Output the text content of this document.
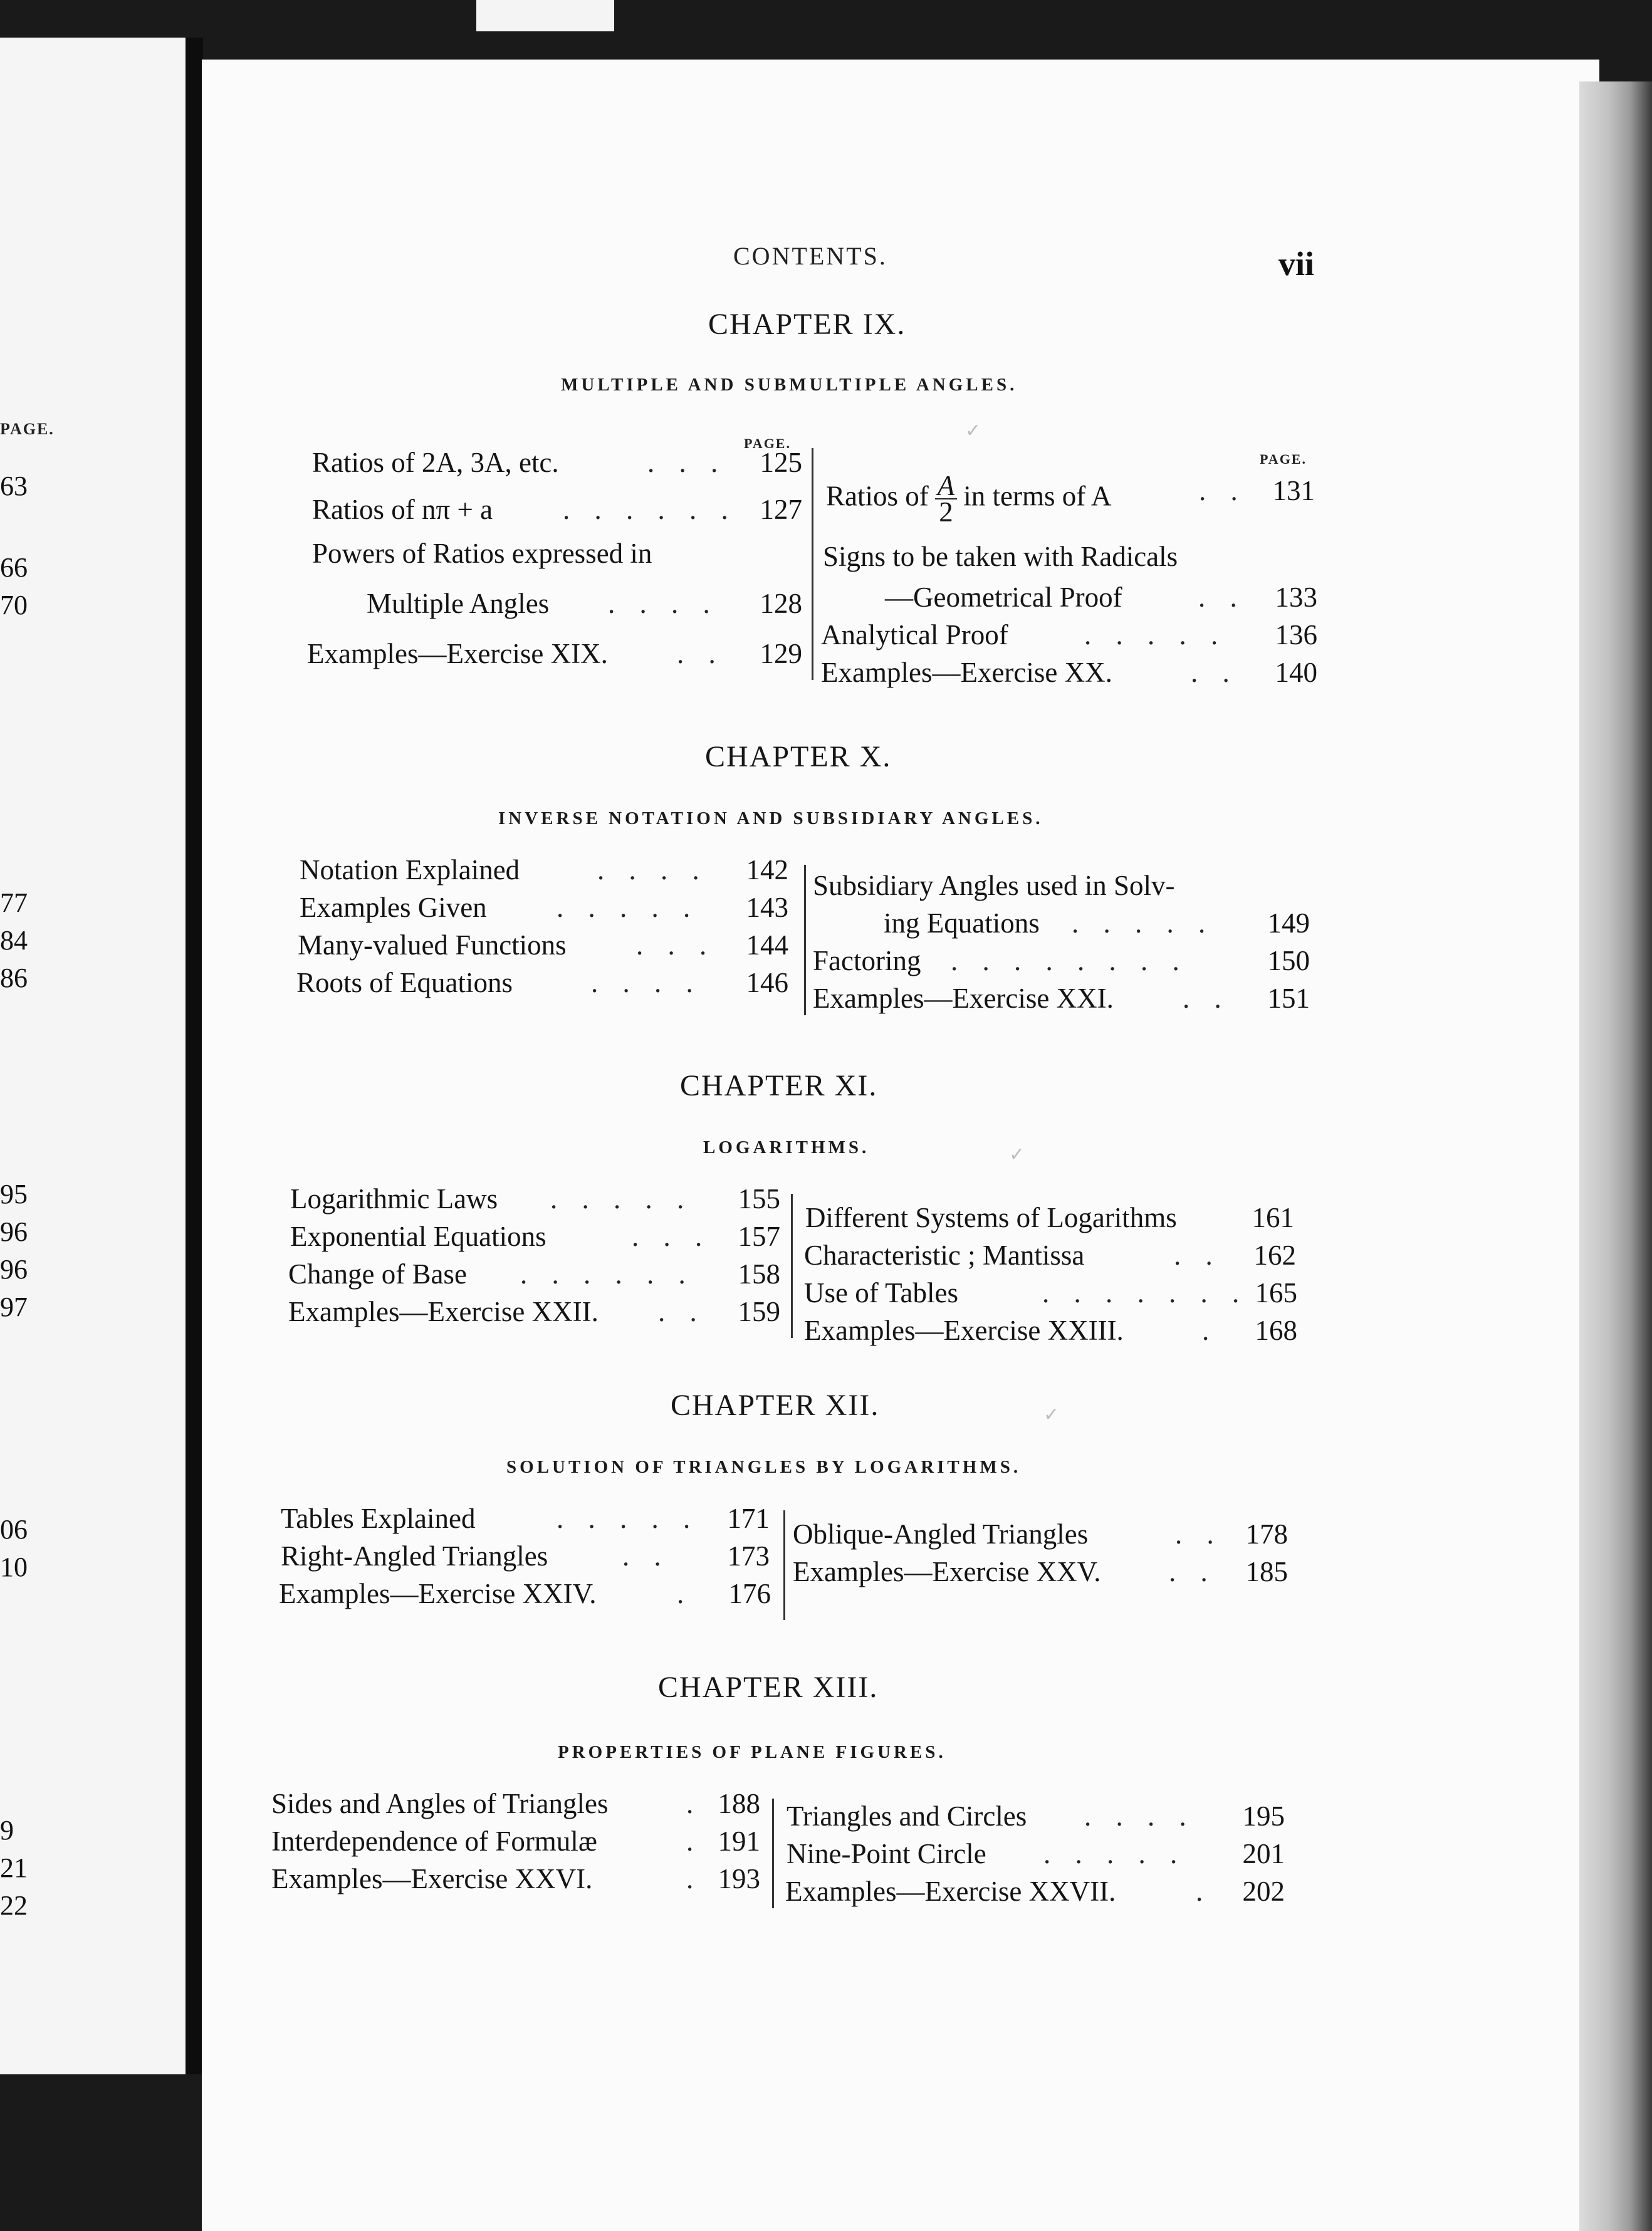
PAGE.
63
66
70
77
84
86
95
96
96
97
06
10
9
21
22
CONTENTS.	vii
CHAPTER IX.
MULTIPLE AND SUBMULTIPLE ANGLES.
PAGE.
PAGE.
✓
Ratios of 2A, 3A, etc.	. . . 125
Ratios of nπ + a . . . . . . 127
Powers of Ratios expressed in
Multiple Angles . . . . 128
Examples—Exercise XIX. . . 129
Ratios of $\frac{A}{2}$ in terms of A	. . 131
Signs to be taken with Radicals
—Geometrical Proof	. . 133
Analytical Proof	. . . . . 136
Examples—Exercise XX.	. . 140
CHAPTER X.
INVERSE NOTATION AND SUBSIDIARY ANGLES.
Notation Explained	. . . . 142
Examples Given . . . . . 143
Many-valued Functions . . . 144
Roots of Equations	. . . . 146
Subsidiary Angles used in Solv-
ing Equations . . . . . 149
Factoring . . . . . . . .	150
Examples—Exercise XXI. . . 151
CHAPTER XI.
LOGARITHMS.	✓
Logarithmic Laws . . . . . 155
Exponential Equations	. . . 157
Change of Base . . . . . . 158
Examples—Exercise XXII. . . 159
Different Systems of Logarithms	161
Characteristic ; Mantissa	. . 162
Use of Tables	. . . . . . . 165
Examples—Exercise XXIII.	. 168
CHAPTER XII.
SOLUTION OF TRIANGLES BY LOGARITHMS.
✓
Tables Explained	. . . . . 171
Right-Angled Triangles	. . 173
Examples—Exercise XXIV.	. 176
Oblique-Angled Triangles	. . 178
Examples—Exercise XXV. . . 185
CHAPTER XIII.
PROPERTIES OF PLANE FIGURES.
Sides and Angles of Triangles	. 188
Interdependence of Formulæ	. 191
Examples—Exercise XXVI.	. 193
Triangles and Circles . . . . 195
Nine-Point Circle . . . . . 201
Examples—Exercise XXVII.	. 202
